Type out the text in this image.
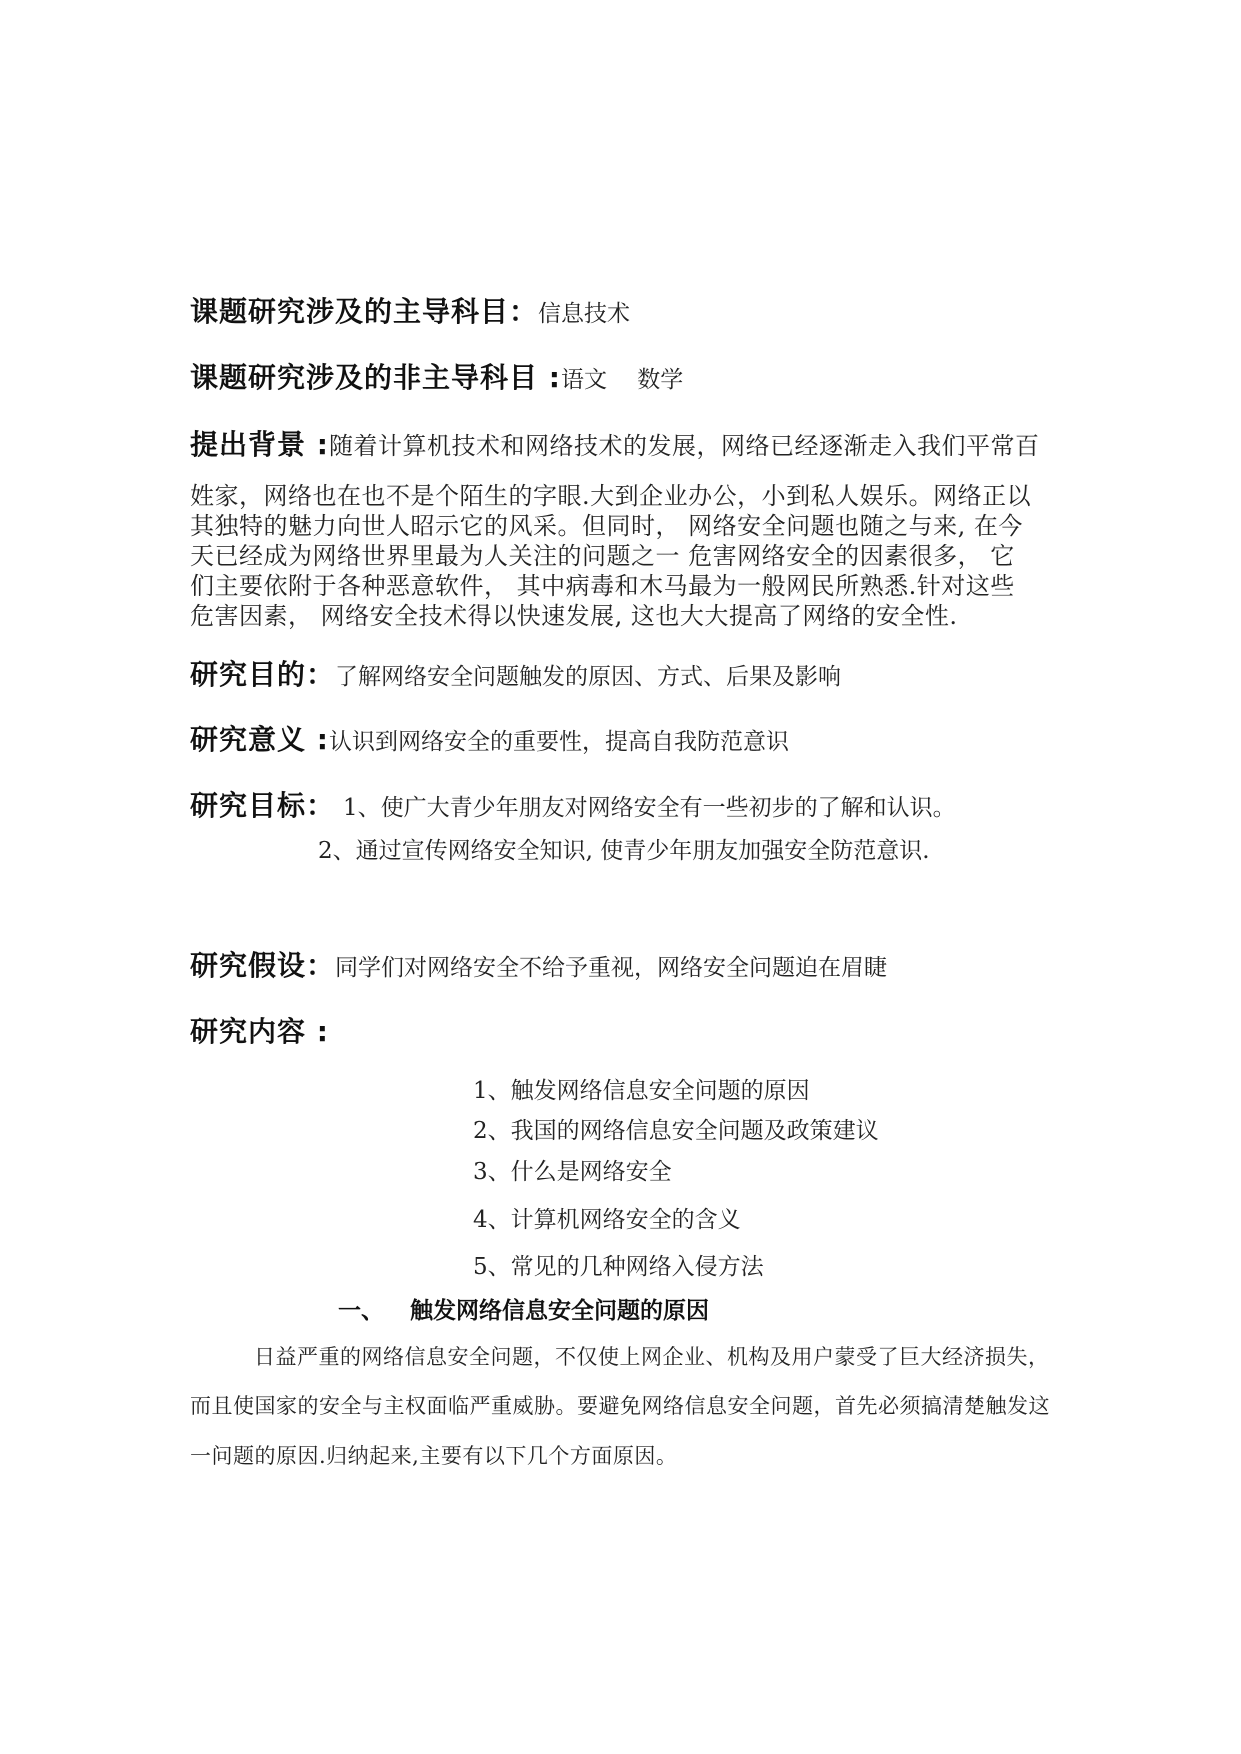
课题研究涉及的主导科目：信息技术
课题研究涉及的非主导科目 :语文　 数学
提出背景 :随着计算机技术和网络技术的发展，网络已经逐渐走入我们平常百
姓家，网络也在也不是个陌生的字眼.大到企业办公，小到私人娱乐。网络正以
其独特的魅力向世人昭示它的风采。但同时， 网络安全问题也随之与来, 在今
天已经成为网络世界里最为人关注的问题之一 危害网络安全的因素很多， 它
们主要依附于各种恶意软件， 其中病毒和木马最为一般网民所熟悉.针对这些
危害因素， 网络安全技术得以快速发展, 这也大大提高了网络的安全性.
研究目的：了解网络安全问题触发的原因、方式、后果及影响
研究意义 :认识到网络安全的重要性，提高自我防范意识
研究目标： 1、使广大青少年朋友对网络安全有一些初步的了解和认识。
2、通过宣传网络安全知识, 使青少年朋友加强安全防范意识.
研究假设：同学们对网络安全不给予重视，网络安全问题迫在眉睫
研究内容 :
1、触发网络信息安全问题的原因
2、我国的网络信息安全问题及政策建议
3、什么是网络安全
4、计算机网络安全的含义
5、常见的几种网络入侵方法
一、 触发网络信息安全问题的原因
日益严重的网络信息安全问题，不仅使上网企业、机构及用户蒙受了巨大经济损失，
而且使国家的安全与主权面临严重威胁。要避免网络信息安全问题，首先必须搞清楚触发这
一问题的原因.归纳起来,主要有以下几个方面原因。
